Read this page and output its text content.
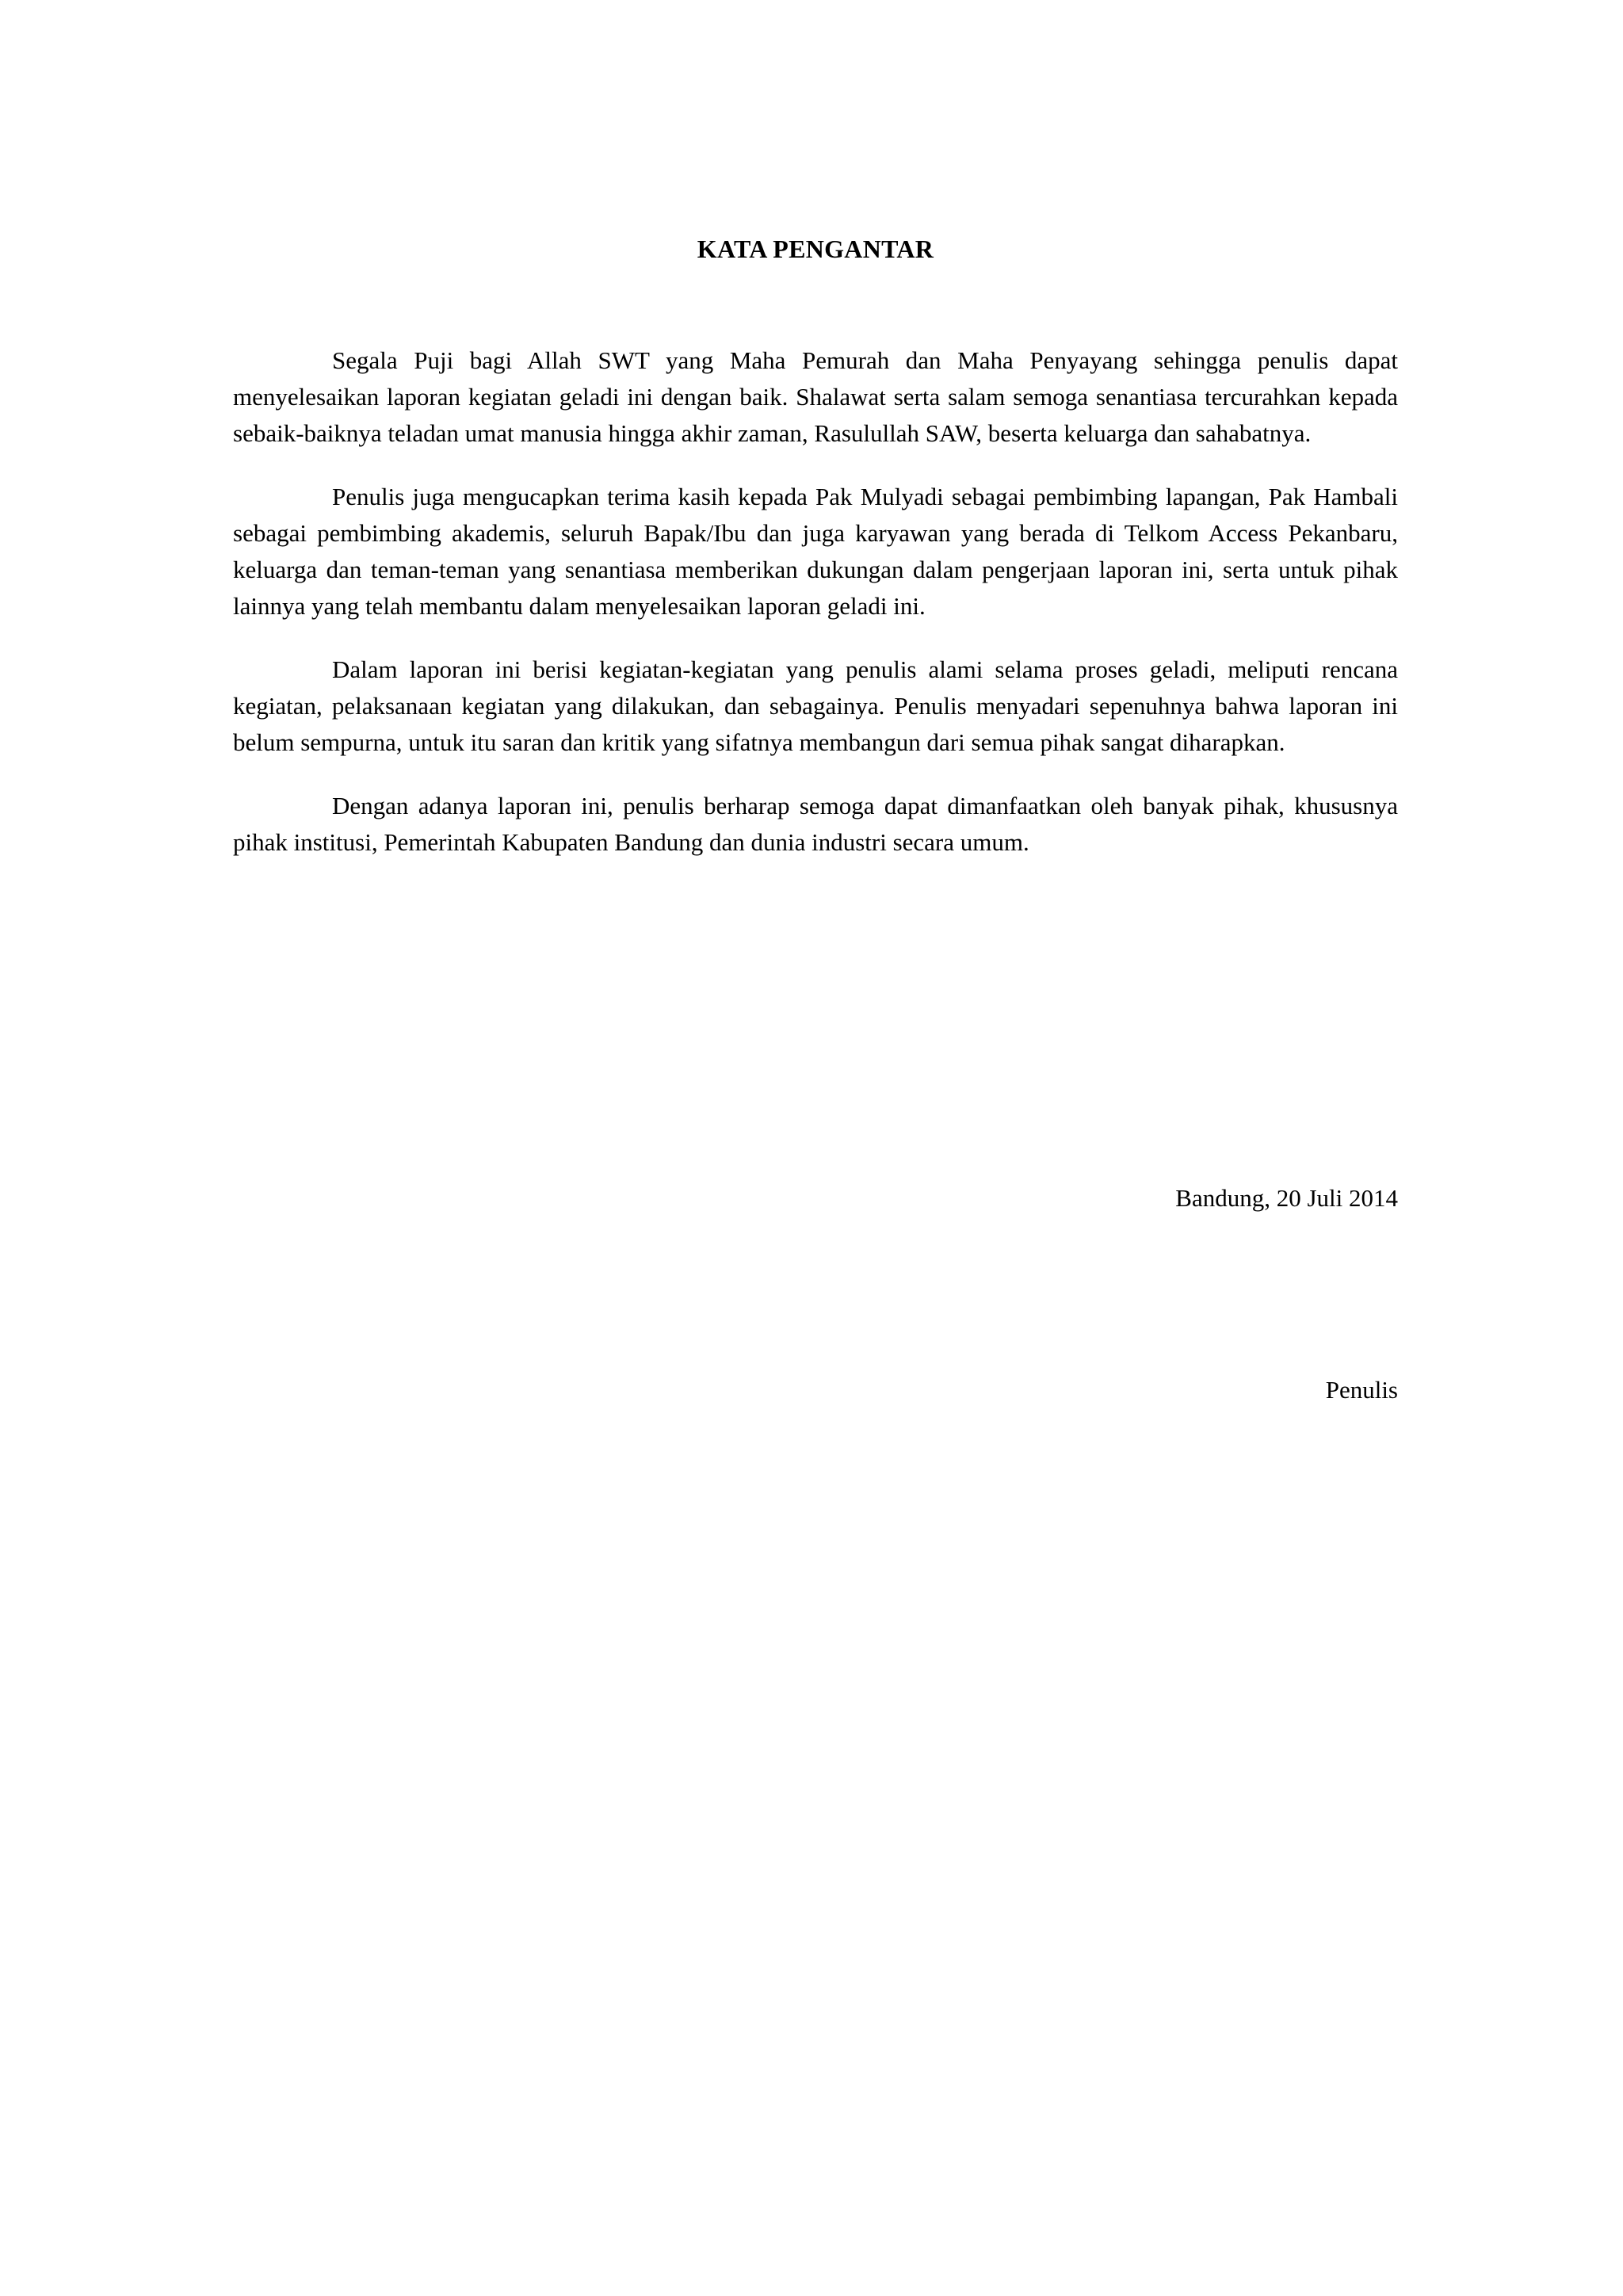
KATA PENGANTAR

Segala Puji bagi Allah SWT yang Maha Pemurah dan Maha Penyayang sehingga penulis dapat menyelesaikan laporan kegiatan geladi ini dengan baik. Shalawat serta salam semoga senantiasa tercurahkan kepada sebaik-baiknya teladan umat manusia hingga akhir zaman, Rasulullah SAW, beserta keluarga dan sahabatnya.

Penulis juga mengucapkan terima kasih kepada Pak Mulyadi sebagai pembimbing lapangan, Pak Hambali sebagai pembimbing akademis, seluruh Bapak/Ibu dan juga karyawan yang berada di Telkom Access Pekanbaru, keluarga dan teman-teman yang senantiasa memberikan dukungan dalam pengerjaan laporan ini, serta untuk pihak lainnya yang telah membantu dalam menyelesaikan laporan geladi ini.

Dalam laporan ini berisi kegiatan-kegiatan yang penulis alami selama proses geladi, meliputi rencana kegiatan, pelaksanaan kegiatan yang dilakukan, dan sebagainya. Penulis menyadari sepenuhnya bahwa laporan ini belum sempurna, untuk itu saran dan kritik yang sifatnya membangun dari semua pihak sangat diharapkan.

Dengan adanya laporan ini, penulis berharap semoga dapat dimanfaatkan oleh banyak pihak, khususnya pihak institusi, Pemerintah Kabupaten Bandung dan dunia industri secara umum.

Bandung, 20 Juli 2014

Penulis
